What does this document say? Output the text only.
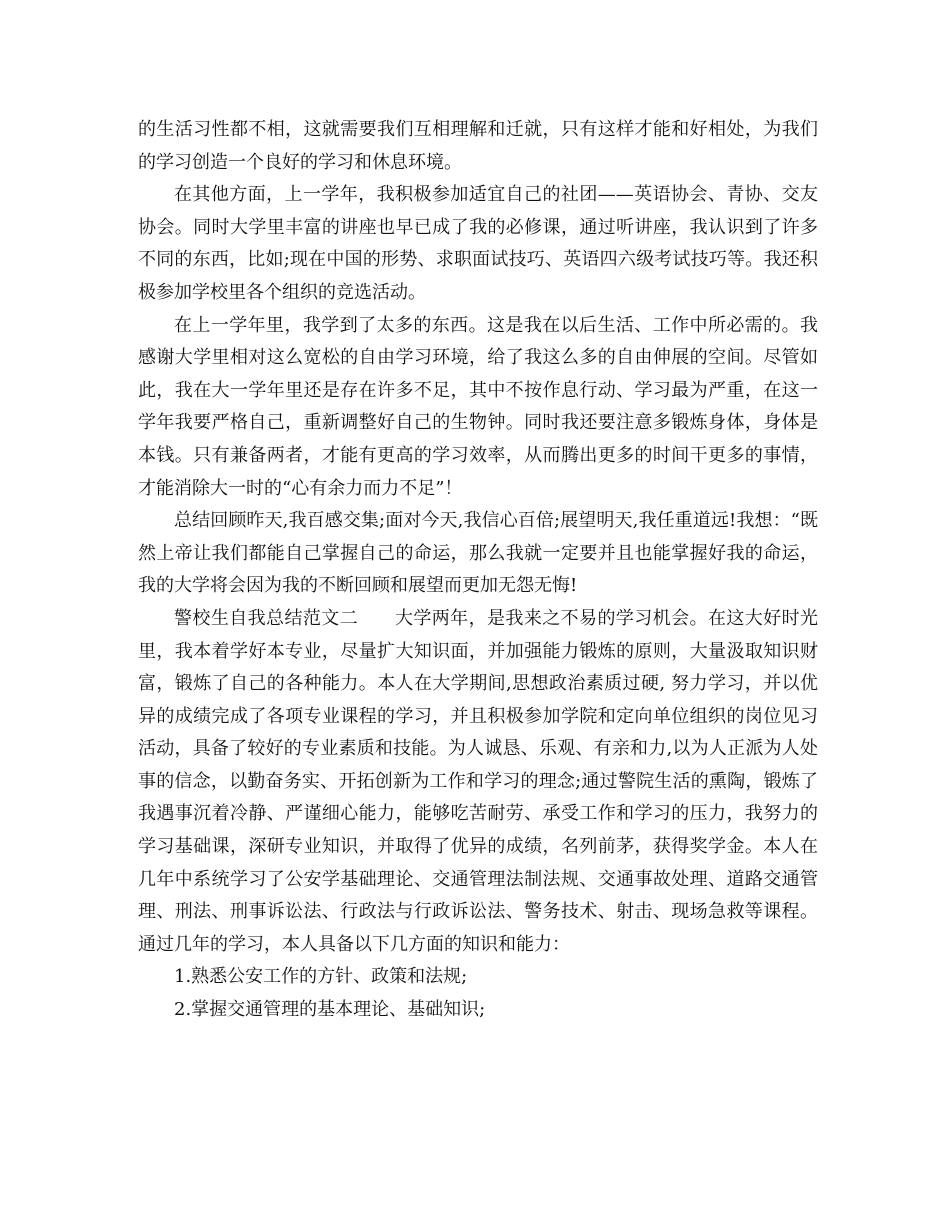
的生活习性都不相，这就需要我们互相理解和迁就，只有这样才能和好相处，为我们的学习创造一个良好的学习和休息环境。

在其他方面，上一学年，我积极参加适宜自己的社团——英语协会、青协、交友协会。同时大学里丰富的讲座也早已成了我的必修课，通过听讲座，我认识到了许多不同的东西，比如;现在中国的形势、求职面试技巧、英语四六级考试技巧等。我还积极参加学校里各个组织的竞选活动。

在上一学年里，我学到了太多的东西。这是我在以后生活、工作中所必需的。我感谢大学里相对这么宽松的自由学习环境，给了我这么多的自由伸展的空间。尽管如此，我在大一学年里还是存在许多不足，其中不按作息行动、学习最为严重，在这一学年我要严格自己，重新调整好自己的生物钟。同时我还要注意多锻炼身体，身体是本钱。只有兼备两者，才能有更高的学习效率，从而腾出更多的时间干更多的事情，才能消除大一时的“心有余力而力不足”！

总结回顾昨天,我百感交集;面对今天,我信心百倍;展望明天,我任重道远!我想：“既然上帝让我们都能自己掌握自己的命运，那么我就一定要并且也能掌握好我的命运，我的大学将会因为我的不断回顾和展望而更加无怨无悔!

警校生自我总结范文二　　大学两年，是我来之不易的学习机会。在这大好时光里，我本着学好本专业，尽量扩大知识面，并加强能力锻炼的原则，大量汲取知识财富，锻炼了自己的各种能力。本人在大学期间,思想政治素质过硬, 努力学习，并以优异的成绩完成了各项专业课程的学习，并且积极参加学院和定向单位组织的岗位见习活动，具备了较好的专业素质和技能。为人诚恳、乐观、有亲和力,以为人正派为人处事的信念，以勤奋务实、开拓创新为工作和学习的理念;通过警院生活的熏陶，锻炼了我遇事沉着冷静、严谨细心能力，能够吃苦耐劳、承受工作和学习的压力，我努力的学习基础课，深研专业知识，并取得了优异的成绩，名列前茅，获得奖学金。本人在几年中系统学习了公安学基础理论、交通管理法制法规、交通事故处理、道路交通管理、刑法、刑事诉讼法、行政法与行政诉讼法、警务技术、射击、现场急救等课程。 通过几年的学习，本人具备以下几方面的知识和能力：

1.熟悉公安工作的方针、政策和法规;

2.掌握交通管理的基本理论、基础知识;
